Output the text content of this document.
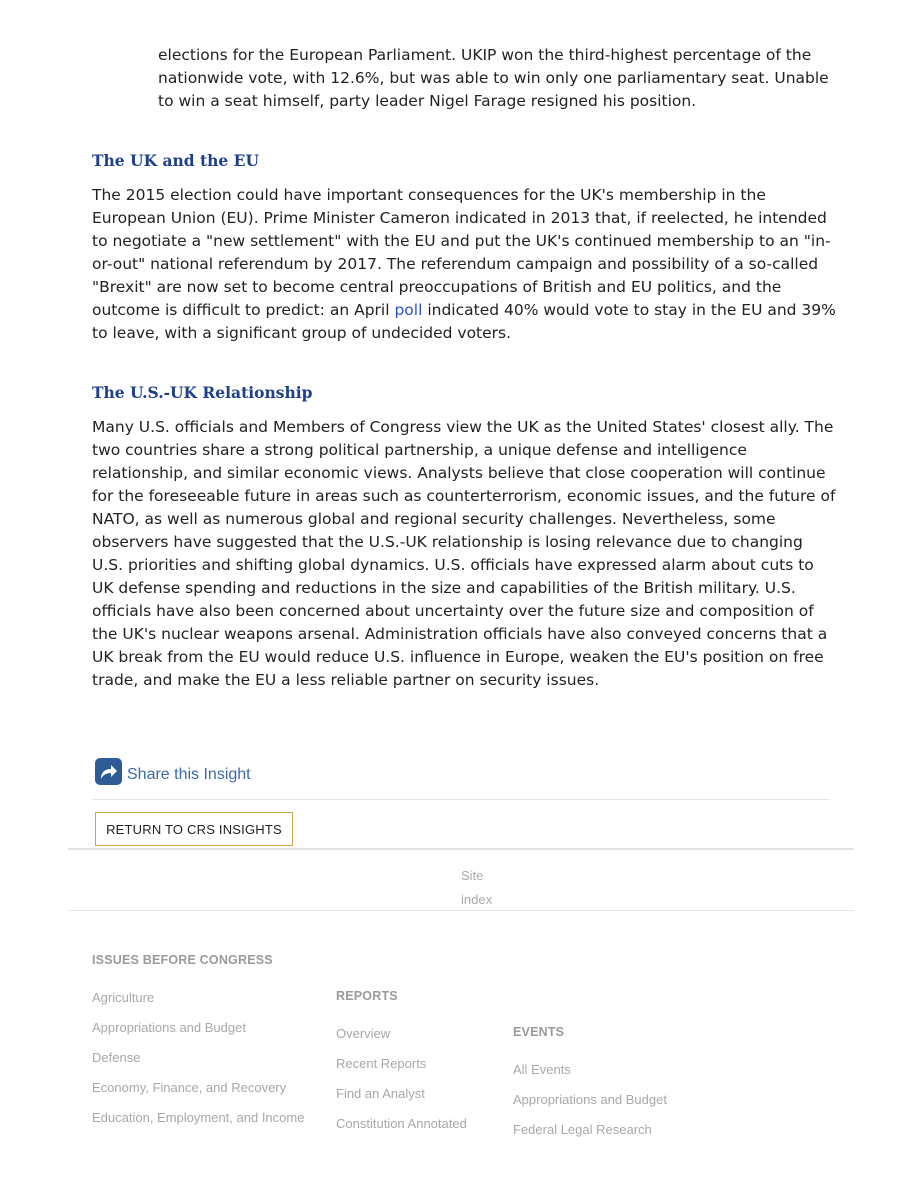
elections for the European Parliament. UKIP won the third-highest percentage of the nationwide vote, with 12.6%, but was able to win only one parliamentary seat. Unable to win a seat himself, party leader Nigel Farage resigned his position.

The UK and the EU

The 2015 election could have important consequences for the UK's membership in the European Union (EU). Prime Minister Cameron indicated in 2013 that, if reelected, he intended to negotiate a "new settlement" with the EU and put the UK's continued membership to an "in-or-out" national referendum by 2017. The referendum campaign and possibility of a so-called "Brexit" are now set to become central preoccupations of British and EU politics, and the outcome is difficult to predict: an April poll indicated 40% would vote to stay in the EU and 39% to leave, with a significant group of undecided voters.

The U.S.-UK Relationship

Many U.S. officials and Members of Congress view the UK as the United States' closest ally. The two countries share a strong political partnership, a unique defense and intelligence relationship, and similar economic views. Analysts believe that close cooperation will continue for the foreseeable future in areas such as counterterrorism, economic issues, and the future of NATO, as well as numerous global and regional security challenges. Nevertheless, some observers have suggested that the U.S.-UK relationship is losing relevance due to changing U.S. priorities and shifting global dynamics. U.S. officials have expressed alarm about cuts to UK defense spending and reductions in the size and capabilities of the British military. U.S. officials have also been concerned about uncertainty over the future size and composition of the UK's nuclear weapons arsenal. Administration officials have also conveyed concerns that a UK break from the EU would reduce U.S. influence in Europe, weaken the EU's position on free trade, and make the EU a less reliable partner on security issues.

Share this Insight
RETURN TO CRS INSIGHTS
Site index
ISSUES BEFORE CONGRESS
Agriculture
Appropriations and Budget
Defense
Economy, Finance, and Recovery
Education, Employment, and Income
REPORTS
Overview
Recent Reports
Find an Analyst
Constitution Annotated
EVENTS
All Events
Appropriations and Budget
Federal Legal Research
